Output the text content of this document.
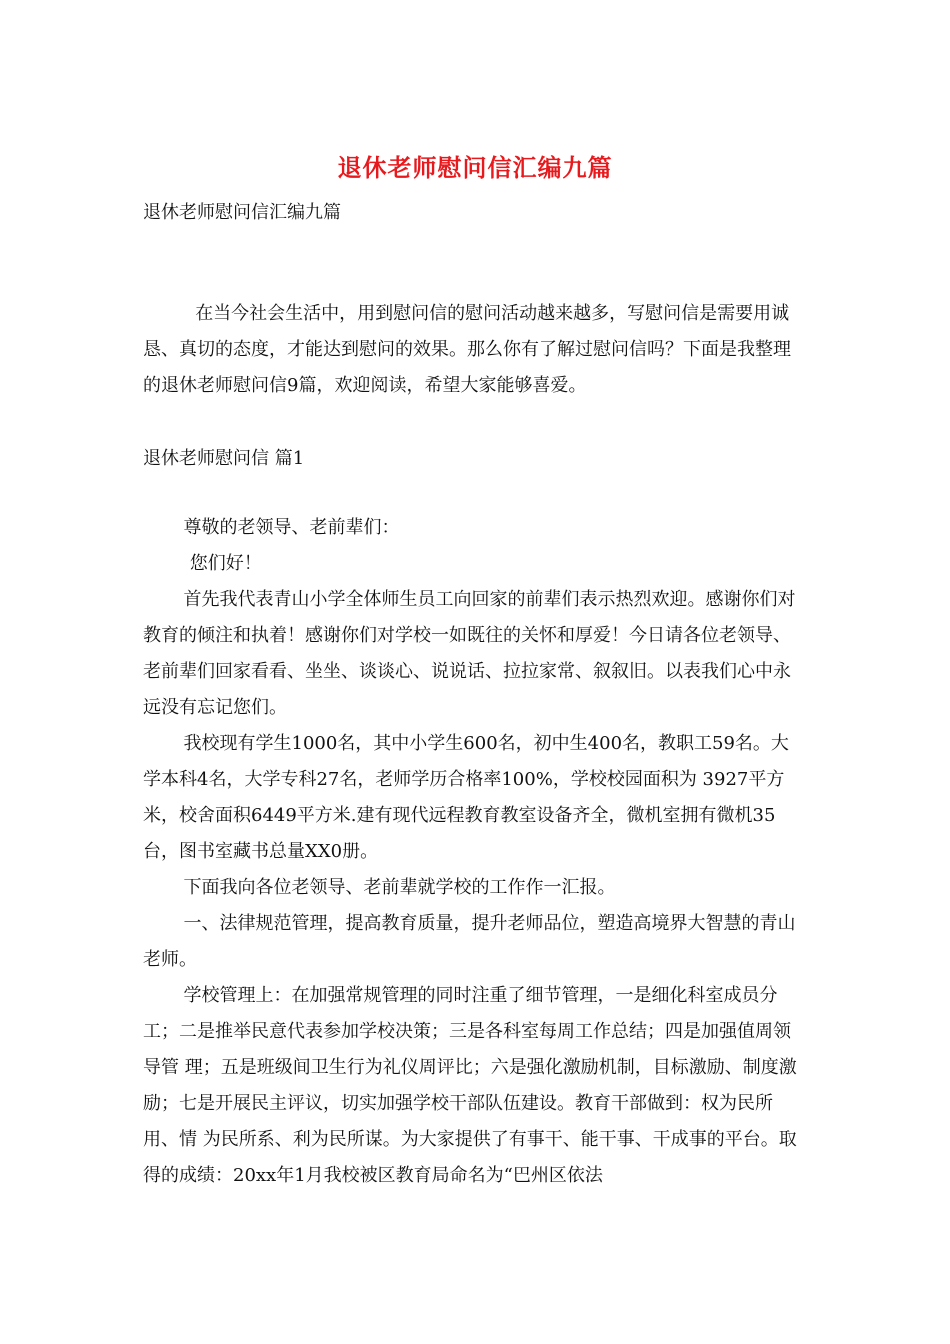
退休老师慰问信汇编九篇

退休老师慰问信汇编九篇

在当今社会生活中，用到慰问信的慰问活动越来越多，写慰问信是需要用诚恳、真切的态度，才能达到慰问的效果。那么你有了解过慰问信吗？下面是我整理的退休老师慰问信9篇，欢迎阅读，希望大家能够喜爱。

退休老师慰问信 篇1

尊敬的老领导、老前辈们：

您们好！

首先我代表青山小学全体师生员工向回家的前辈们表示热烈欢迎。感谢你们对教育的倾注和执着！感谢你们对学校一如既往的关怀和厚爱！今日请各位老领导、老前辈们回家看看、坐坐、谈谈心、说说话、拉拉家常、叙叙旧。以表我们心中永远没有忘记您们。

我校现有学生1000名，其中小学生600名，初中生400名，教职工59名。大学本科4名，大学专科27名，老师学历合格率100%，学校校园面积为 3927平方米，校舍面积6449平方米.建有现代远程教育教室设备齐全，微机室拥有微机35台，图书室藏书总量XX0册。

下面我向各位老领导、老前辈就学校的工作作一汇报。

一、法律规范管理，提高教育质量，提升老师品位，塑造高境界大智慧的青山老师。

学校管理上：在加强常规管理的同时注重了细节管理，一是细化科室成员分工；二是推举民意代表参加学校决策；三是各科室每周工作总结；四是加强值周领导管 理；五是班级间卫生行为礼仪周评比；六是强化激励机制，目标激励、制度激励；七是开展民主评议，切实加强学校干部队伍建设。教育干部做到：权为民所用、情 为民所系、利为民所谋。为大家提供了有事干、能干事、干成事的平台。取得的成绩：20xx年1月我校被区教育局命名为“巴州区依法
